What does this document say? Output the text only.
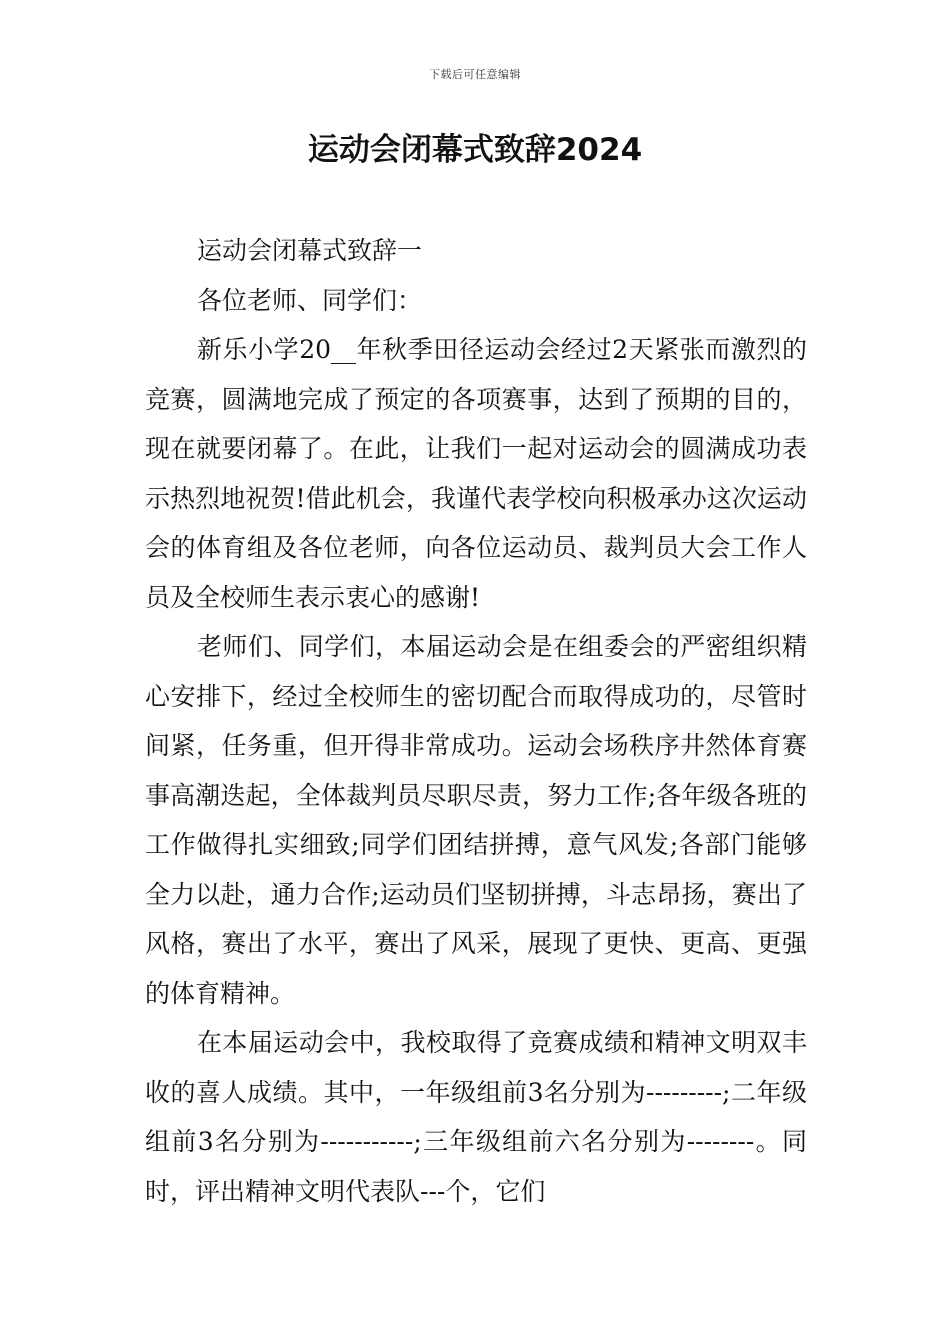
下载后可任意编辑
运动会闭幕式致辞2024

运动会闭幕式致辞一

各位老师、同学们：

新乐小学20__年秋季田径运动会经过2天紧张而激烈的竞赛，圆满地完成了预定的各项赛事，达到了预期的目的，现在就要闭幕了。在此，让我们一起对运动会的圆满成功表示热烈地祝贺!借此机会，我谨代表学校向积极承办这次运动会的体育组及各位老师，向各位运动员、裁判员大会工作人员及全校师生表示衷心的感谢!

老师们、同学们，本届运动会是在组委会的严密组织精心安排下，经过全校师生的密切配合而取得成功的，尽管时间紧，任务重，但开得非常成功。运动会场秩序井然体育赛事高潮迭起，全体裁判员尽职尽责，努力工作;各年级各班的工作做得扎实细致;同学们团结拼搏，意气风发;各部门能够全力以赴，通力合作;运动员们坚韧拼搏，斗志昂扬，赛出了风格，赛出了水平，赛出了风采，展现了更快、更高、更强的体育精神。

在本届运动会中，我校取得了竞赛成绩和精神文明双丰收的喜人成绩。其中，一年级组前3名分别为---------;二年级组前3名分别为-----------;三年级组前六名分别为--------。同时，评出精神文明代表队---个，它们
